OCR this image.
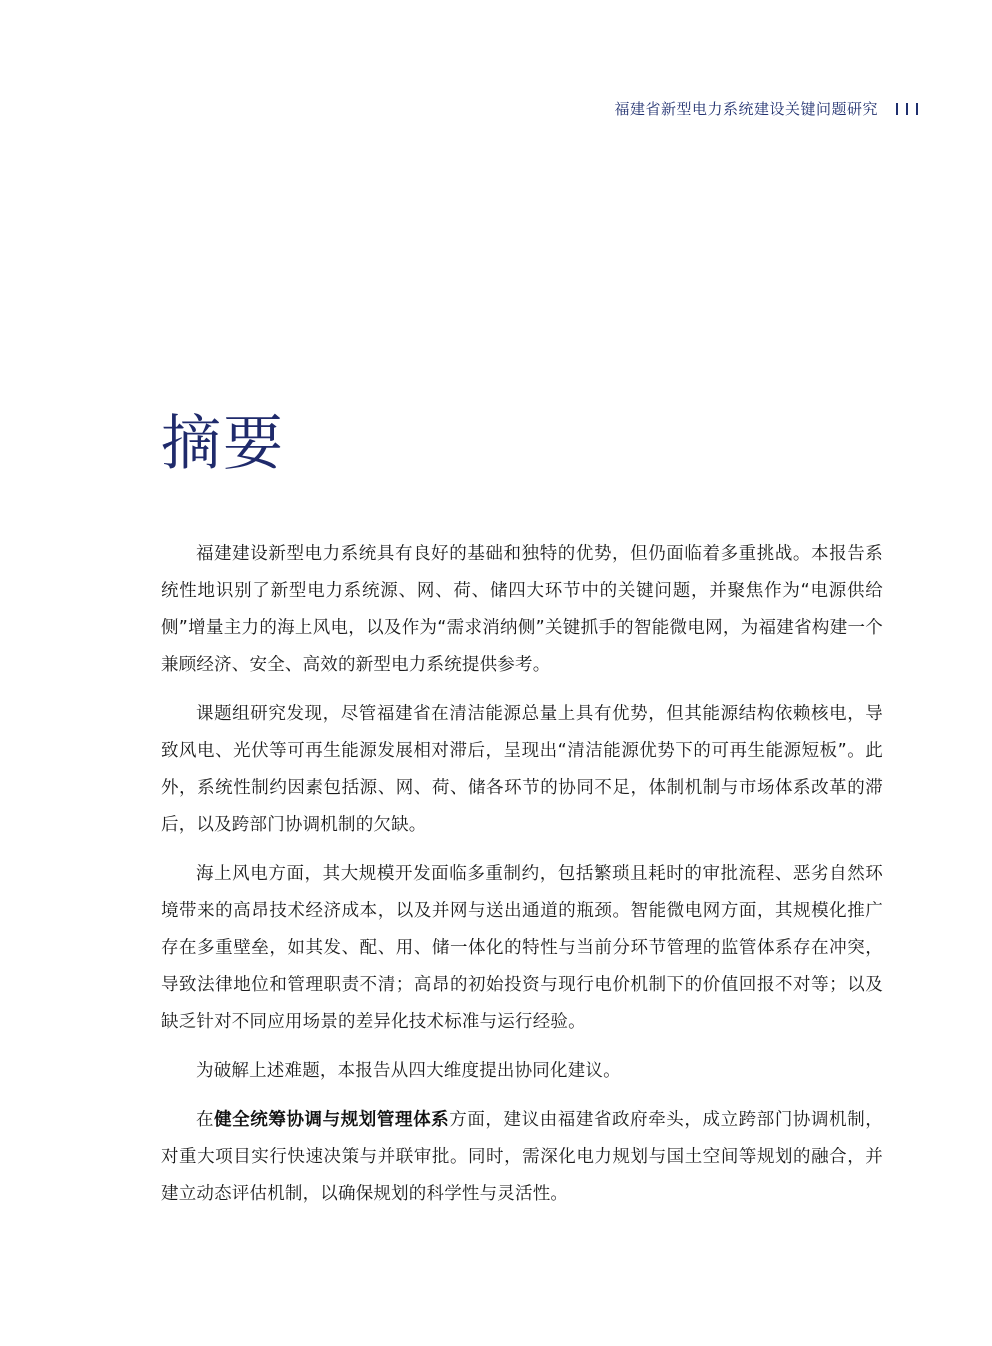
福建省新型电力系统建设关键问题研究
摘要

福建建设新型电力系统具有良好的基础和独特的优势，但仍面临着多重挑战。本报告系统性地识别了新型电力系统源、网、荷、储四大环节中的关键问题，并聚焦作为“电源供给侧”增量主力的海上风电，以及作为“需求消纳侧”关键抓手的智能微电网，为福建省构建一个兼顾经济、安全、高效的新型电力系统提供参考。

课题组研究发现，尽管福建省在清洁能源总量上具有优势，但其能源结构依赖核电，导致风电、光伏等可再生能源发展相对滞后，呈现出“清洁能源优势下的可再生能源短板”。此外，系统性制约因素包括源、网、荷、储各环节的协同不足，体制机制与市场体系改革的滞后，以及跨部门协调机制的欠缺。

海上风电方面，其大规模开发面临多重制约，包括繁琐且耗时的审批流程、恶劣自然环境带来的高昂技术经济成本，以及并网与送出通道的瓶颈。智能微电网方面，其规模化推广存在多重壁垒，如其发、配、用、储一体化的特性与当前分环节管理的监管体系存在冲突，导致法律地位和管理职责不清；高昂的初始投资与现行电价机制下的价值回报不对等；以及缺乏针对不同应用场景的差异化技术标准与运行经验。

为破解上述难题，本报告从四大维度提出协同化建议。

在健全统筹协调与规划管理体系方面，建议由福建省政府牵头，成立跨部门协调机制，对重大项目实行快速决策与并联审批。同时，需深化电力规划与国土空间等规划的融合，并建立动态评估机制，以确保规划的科学性与灵活性。
